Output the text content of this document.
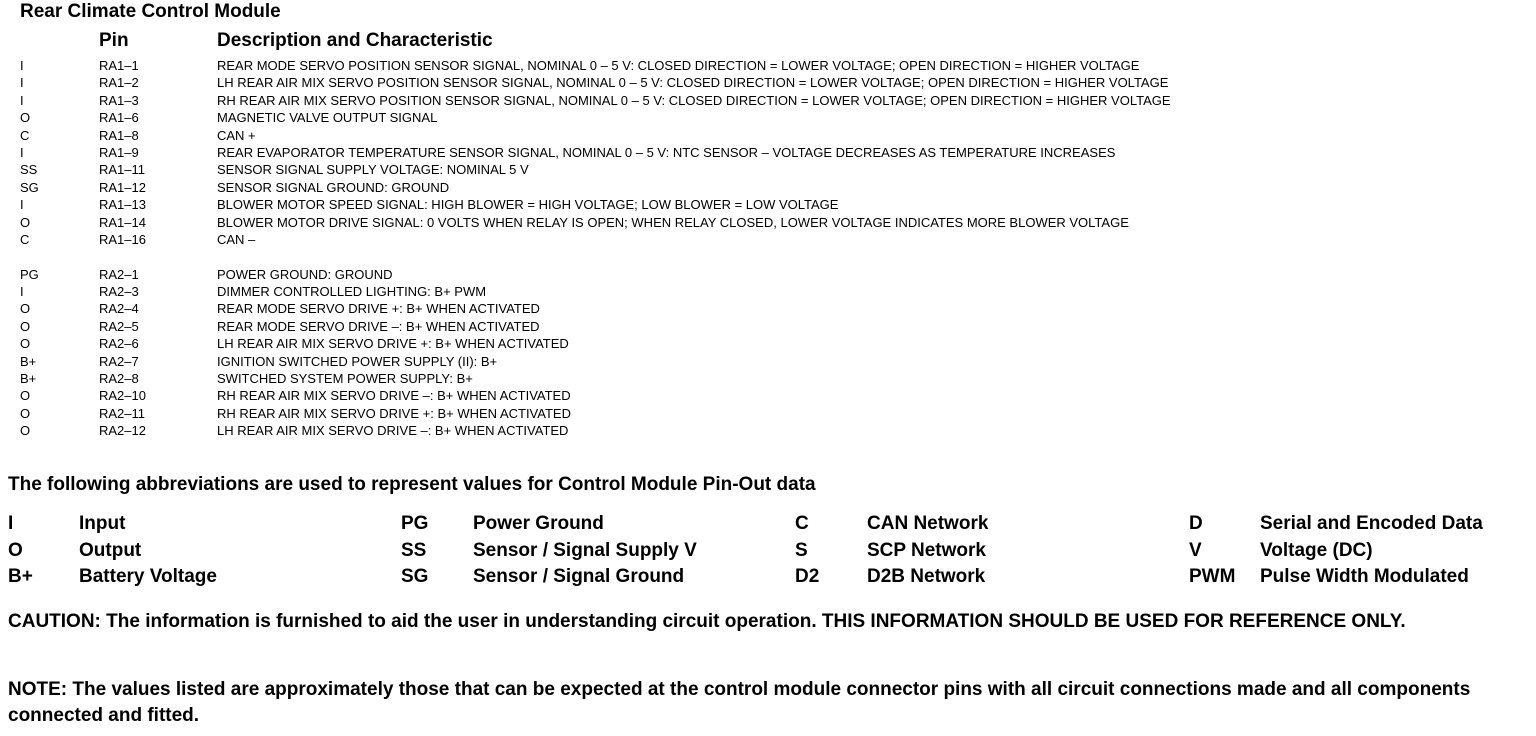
Rear Climate Control Module
Pin	Description and Characteristic
I	RA1–1	REAR MODE SERVO POSITION SENSOR SIGNAL, NOMINAL 0 – 5 V: CLOSED DIRECTION = LOWER VOLTAGE; OPEN DIRECTION = HIGHER VOLTAGE
I	RA1–2	LH REAR AIR MIX SERVO POSITION SENSOR SIGNAL, NOMINAL 0 – 5 V: CLOSED DIRECTION = LOWER VOLTAGE; OPEN DIRECTION = HIGHER VOLTAGE
I	RA1–3	RH REAR AIR MIX SERVO POSITION SENSOR SIGNAL, NOMINAL 0 – 5 V: CLOSED DIRECTION = LOWER VOLTAGE; OPEN DIRECTION = HIGHER VOLTAGE
O	RA1–6	MAGNETIC VALVE OUTPUT SIGNAL
C	RA1–8	CAN +
I	RA1–9	REAR EVAPORATOR TEMPERATURE SENSOR SIGNAL, NOMINAL 0 – 5 V: NTC SENSOR – VOLTAGE DECREASES AS TEMPERATURE INCREASES
SS	RA1–11	SENSOR SIGNAL SUPPLY VOLTAGE: NOMINAL 5 V
SG	RA1–12	SENSOR SIGNAL GROUND: GROUND
I	RA1–13	BLOWER MOTOR SPEED SIGNAL: HIGH BLOWER = HIGH VOLTAGE; LOW BLOWER = LOW VOLTAGE
O	RA1–14	BLOWER MOTOR DRIVE SIGNAL: 0 VOLTS WHEN RELAY IS OPEN; WHEN RELAY CLOSED, LOWER VOLTAGE INDICATES MORE BLOWER VOLTAGE
C	RA1–16	CAN –
PG	RA2–1	POWER GROUND: GROUND
I	RA2–3	DIMMER CONTROLLED LIGHTING: B+ PWM
O	RA2–4	REAR MODE SERVO DRIVE +: B+ WHEN ACTIVATED
O	RA2–5	REAR MODE SERVO DRIVE –: B+ WHEN ACTIVATED
O	RA2–6	LH REAR AIR MIX SERVO DRIVE +: B+ WHEN ACTIVATED
B+	RA2–7	IGNITION SWITCHED POWER SUPPLY (II): B+
B+	RA2–8	SWITCHED SYSTEM POWER SUPPLY: B+
O	RA2–10	RH REAR AIR MIX SERVO DRIVE –: B+ WHEN ACTIVATED
O	RA2–11	RH REAR AIR MIX SERVO DRIVE +: B+ WHEN ACTIVATED
O	RA2–12	LH REAR AIR MIX SERVO DRIVE –: B+ WHEN ACTIVATED
The following abbreviations are used to represent values for Control Module Pin-Out data
I	Input	PG Power Ground	C	CAN Network	D	Serial and Encoded Data
O	Output	SS Sensor / Signal Supply V	S	SCP Network	V	Voltage (DC)
B+ Battery Voltage	SG Sensor / Signal Ground	D2	D2B Network	PWM Pulse Width Modulated
CAUTION: The information is furnished to aid the user in understanding circuit operation. THIS INFORMATION SHOULD BE USED FOR REFERENCE ONLY.
NOTE: The values listed are approximately those that can be expected at the control module connector pins with all circuit connections made and all components connected and fitted.
